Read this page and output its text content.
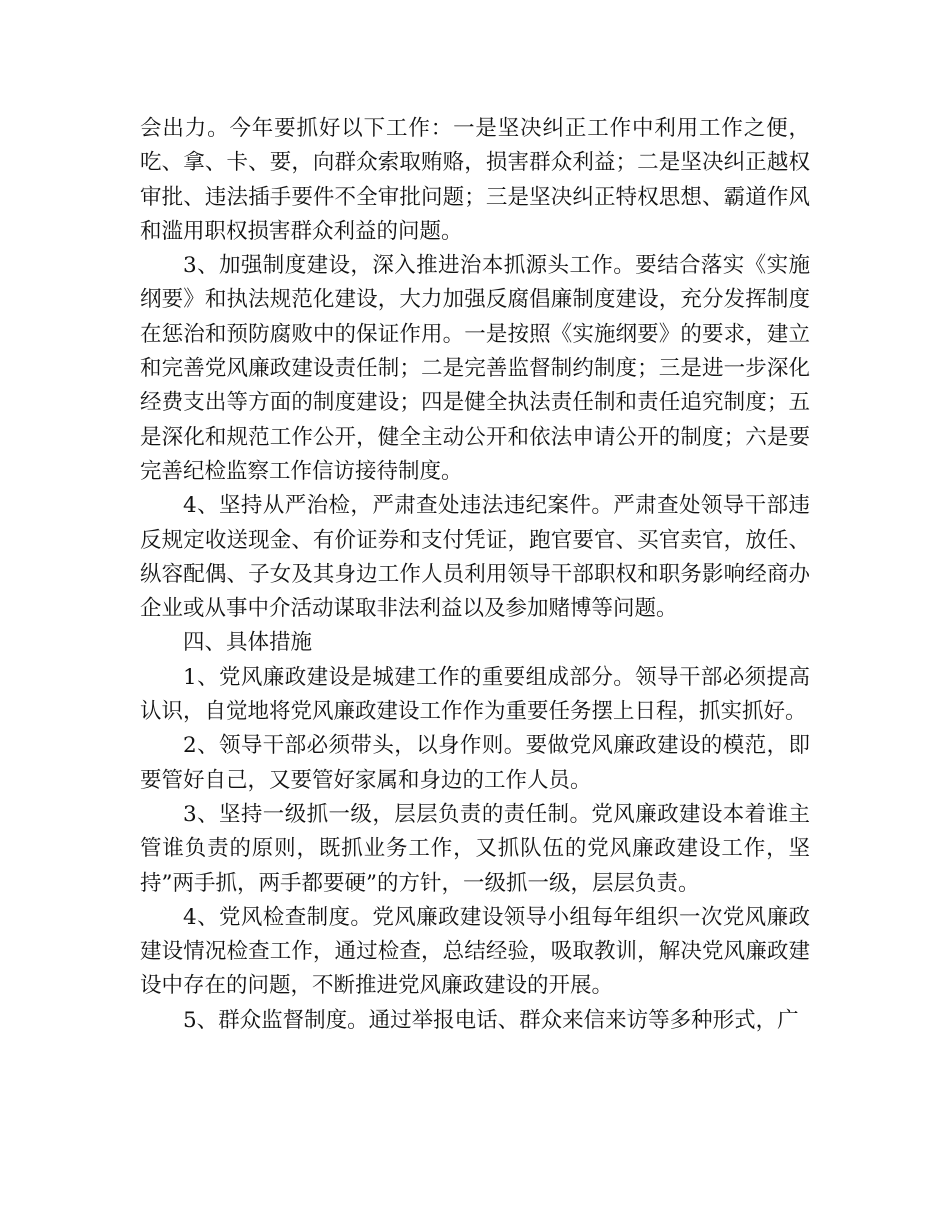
会出力。今年要抓好以下工作：一是坚决纠正工作中利用工作之便，吃、拿、卡、要，向群众索取贿赂，损害群众利益；二是坚决纠正越权审批、违法插手要件不全审批问题；三是坚决纠正特权思想、霸道作风和滥用职权损害群众利益的问题。

3、加强制度建设，深入推进治本抓源头工作。要结合落实《实施纲要》和执法规范化建设，大力加强反腐倡廉制度建设，充分发挥制度在惩治和预防腐败中的保证作用。一是按照《实施纲要》的要求，建立和完善党风廉政建设责任制；二是完善监督制约制度；三是进一步深化经费支出等方面的制度建设；四是健全执法责任制和责任追究制度；五是深化和规范工作公开，健全主动公开和依法申请公开的制度；六是要完善纪检监察工作信访接待制度。

4、坚持从严治检，严肃查处违法违纪案件。严肃查处领导干部违反规定收送现金、有价证券和支付凭证，跑官要官、买官卖官，放任、纵容配偶、子女及其身边工作人员利用领导干部职权和职务影响经商办企业或从事中介活动谋取非法利益以及参加赌博等问题。

四、具体措施

1、党风廉政建设是城建工作的重要组成部分。领导干部必须提高认识，自觉地将党风廉政建设工作作为重要任务摆上日程，抓实抓好。

2、领导干部必须带头，以身作则。要做党风廉政建设的模范，即要管好自己，又要管好家属和身边的工作人员。

3、坚持一级抓一级，层层负责的责任制。党风廉政建设本着谁主管谁负责的原则，既抓业务工作，又抓队伍的党风廉政建设工作，坚持”两手抓，两手都要硬”的方针，一级抓一级，层层负责。

4、党风检查制度。党风廉政建设领导小组每年组织一次党风廉政建设情况检查工作，通过检查，总结经验，吸取教训，解决党风廉政建设中存在的问题，不断推进党风廉政建设的开展。

5、群众监督制度。通过举报电话、群众来信来访等多种形式，广
